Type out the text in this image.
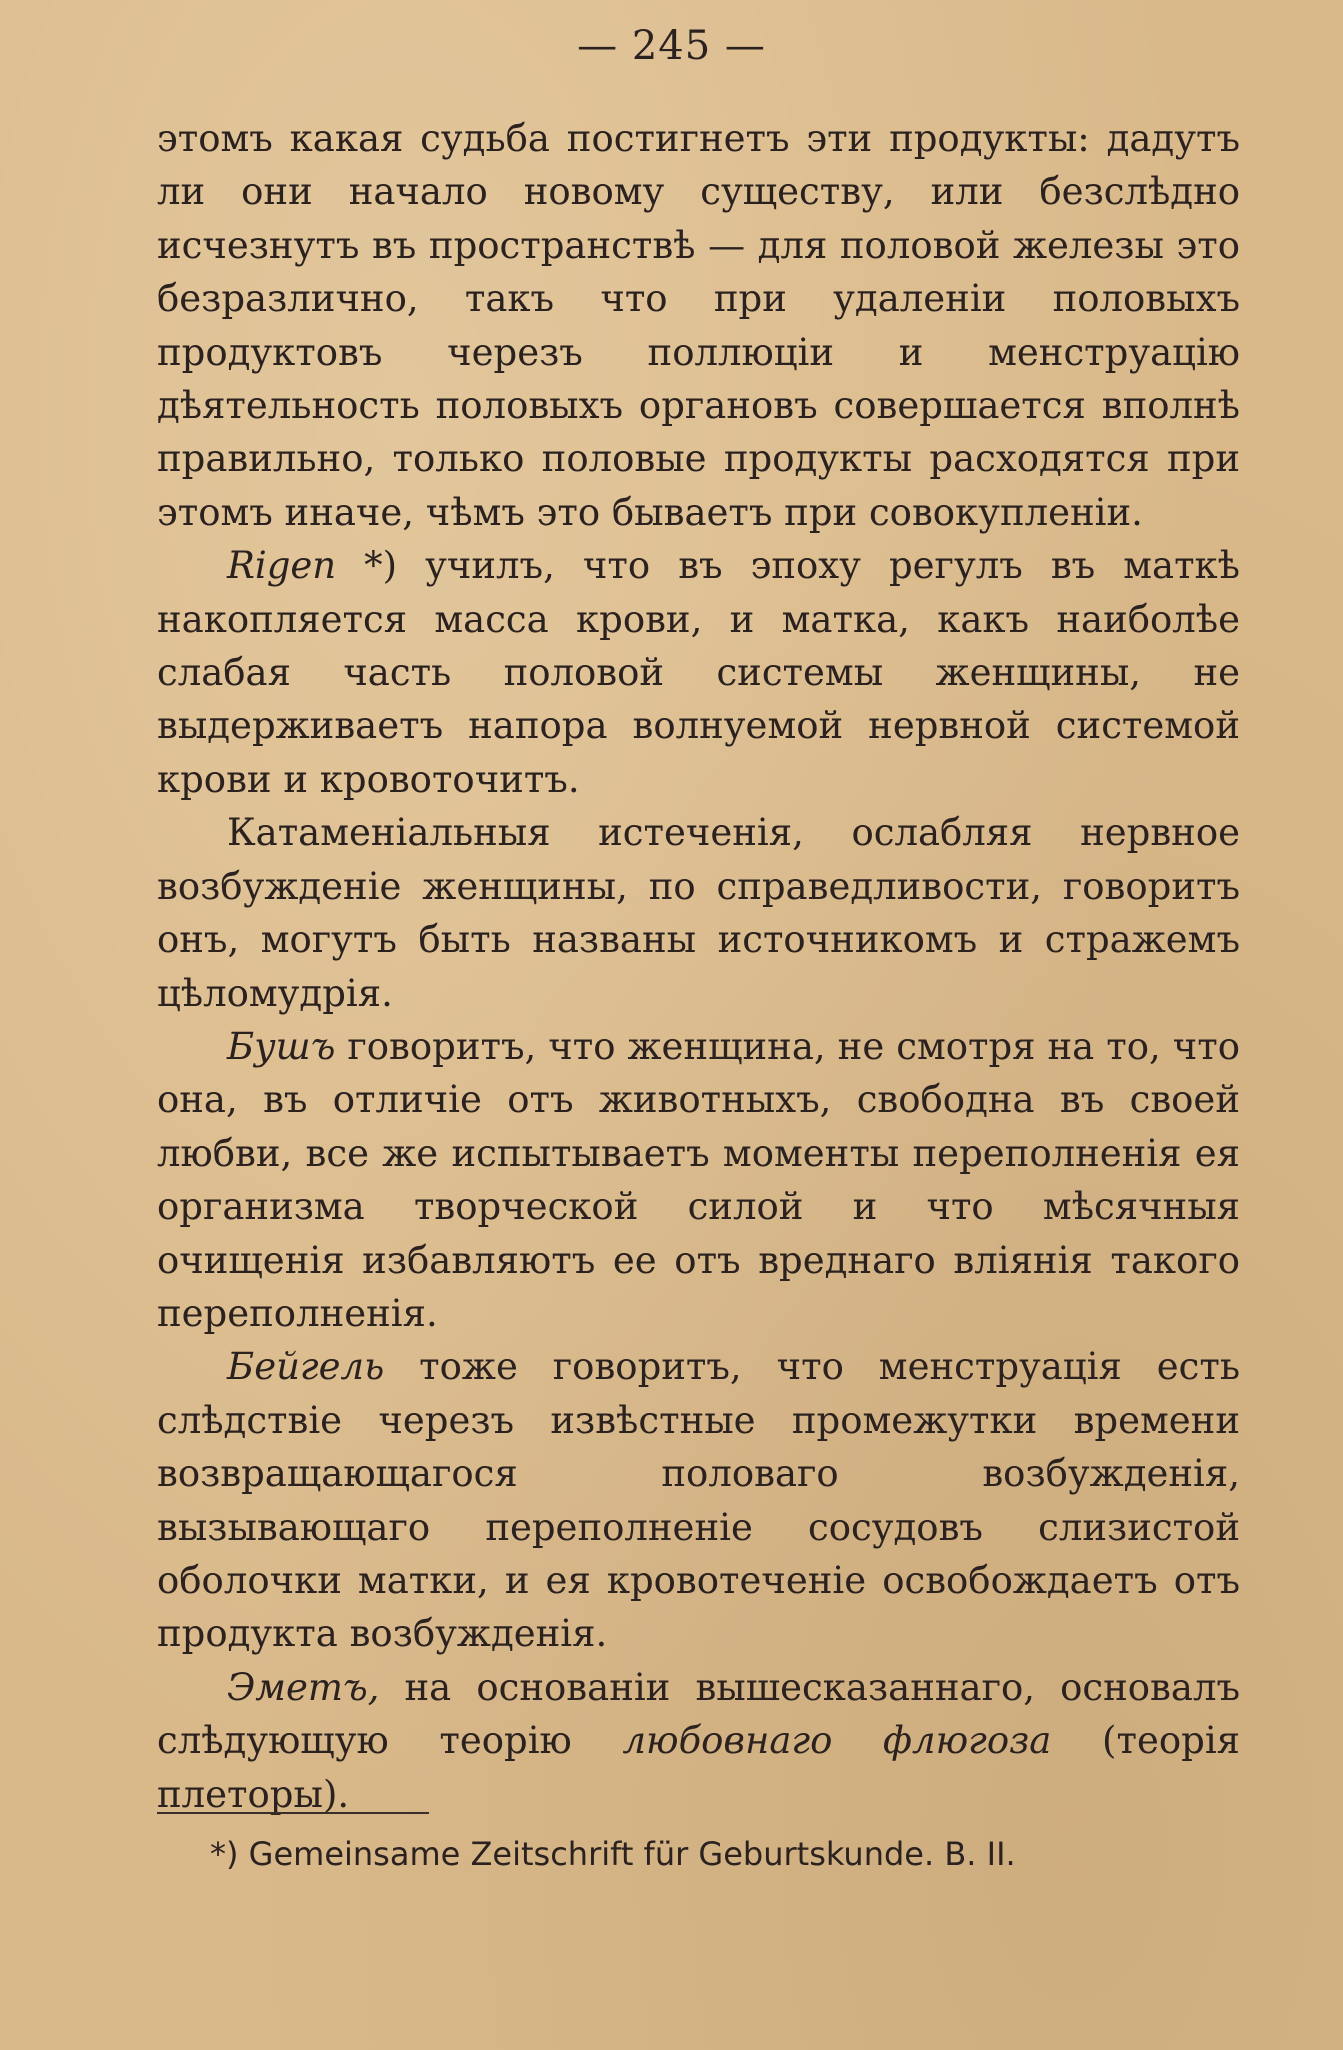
— 245 —

этомъ какая судьба постигнетъ эти продукты: дадутъ ли они начало новому существу, или безслѣдно исчезнутъ въ пространствѣ — для половой железы это безразлично, такъ что при удаленiи половыхъ продуктовъ черезъ поллюцiи и менструацiю дѣятельность половыхъ органовъ совершается вполнѣ правильно, только половые продукты расходятся при этомъ иначе, чѣмъ это бываетъ при совокупленiи.

Rigen *) училъ, что въ эпоху регулъ въ маткѣ накопляется масса крови, и матка, какъ наиболѣе слабая часть половой системы женщины, не выдерживаетъ напора волнуемой нервной системой крови и кровоточитъ.

Катаменiальныя истеченiя, ослабляя нервное возбужденiе женщины, по справедливости, говоритъ онъ, могутъ быть названы источникомъ и стражемъ цѣломудрiя.

Бушъ говоритъ, что женщина, не смотря на то, что она, въ отличiе отъ животныхъ, свободна въ своей любви, все же испытываетъ моменты переполненiя ея организма творческой силой и что мѣсячныя очищенiя избавляютъ ее отъ вреднаго влiянiя такого переполненiя.

Бейгель тоже говоритъ, что менструацiя есть слѣдствiе черезъ извѣстные промежутки времени возвращающагося половаго возбужденiя, вызывающаго переполненiе сосудовъ слизистой оболочки матки, и ея кровотеченiе освобождаетъ отъ продукта возбужденiя.

Эметъ, на основанiи вышесказаннаго, основалъ слѣдующую теорiю любовнаго флюгоза (теорiя плеторы).

*) Gemeinsame Zeitschrift für Geburtskunde. B. II.
